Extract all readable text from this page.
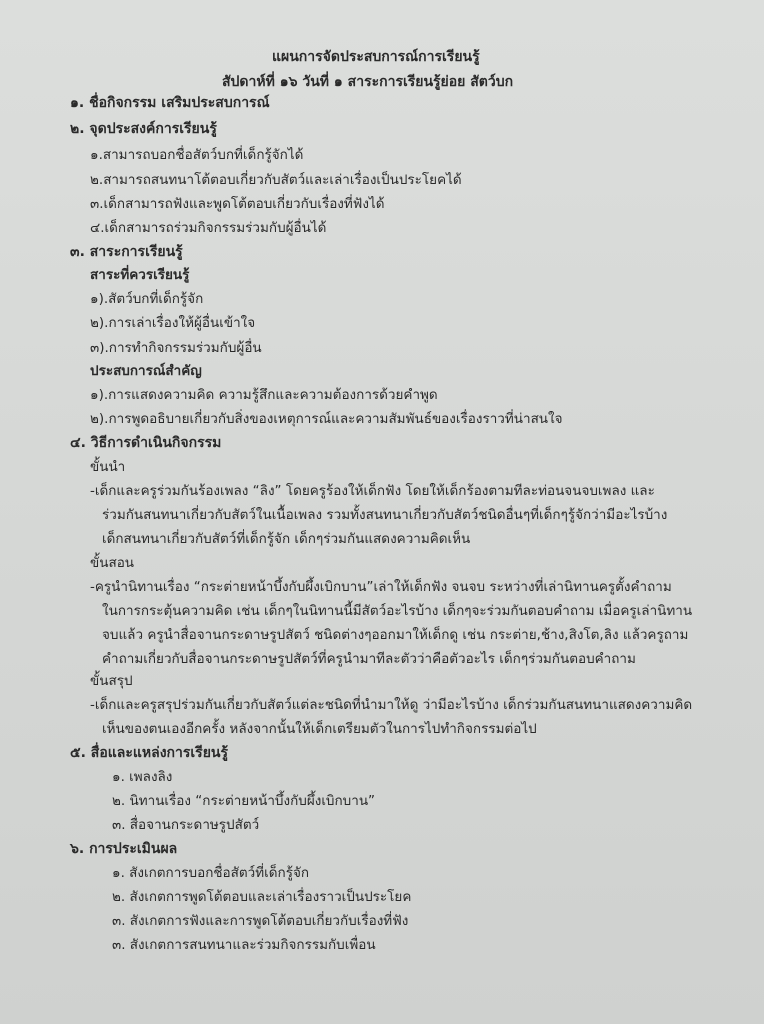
แผนการจัดประสบการณ์การเรียนรู้
สัปดาห์ที่ ๑๖ วันที่ ๑ สาระการเรียนรู้ย่อย สัตว์บก
๑. ชื่อกิจกรรม เสริมประสบการณ์
๒. จุดประสงค์การเรียนรู้
๑.สามารถบอกชื่อสัตว์บกที่เด็กรู้จักได้
๒.สามารถสนทนาโต้ตอบเกี่ยวกับสัตว์และเล่าเรื่องเป็นประโยคได้
๓.เด็กสามารถฟังและพูดโต้ตอบเกี่ยวกับเรื่องที่ฟังได้
๔.เด็กสามารถร่วมกิจกรรมร่วมกับผู้อื่นได้
๓. สาระการเรียนรู้
สาระที่ควรเรียนรู้
๑).สัตว์บกที่เด็กรู้จัก
๒).การเล่าเรื่องให้ผู้อื่นเข้าใจ
๓).การทำกิจกรรมร่วมกับผู้อื่น
ประสบการณ์สำคัญ
๑).การแสดงความคิด ความรู้สึกและความต้องการด้วยคำพูด
๒).การพูดอธิบายเกี่ยวกับสิ่งของเหตุการณ์และความสัมพันธ์ของเรื่องราวที่น่าสนใจ
๔. วิธีการดำเนินกิจกรรม
ขั้นนำ
-เด็กและครูร่วมกันร้องเพลง “ลิง” โดยครูร้องให้เด็กฟัง โดยให้เด็กร้องตามทีละท่อนจนจบเพลง และ
ร่วมกันสนทนาเกี่ยวกับสัตว์ในเนื้อเพลง รวมทั้งสนทนาเกี่ยวกับสัตว์ชนิดอื่นๆที่เด็กๆรู้จักว่ามีอะไรบ้าง
เด็กสนทนาเกี่ยวกับสัตว์ที่เด็กรู้จัก เด็กๆร่วมกันแสดงความคิดเห็น
ขั้นสอน
-ครูนำนิทานเรื่อง “กระต่ายหน้าบึ้งกับผึ้งเบิกบาน”เล่าให้เด็กฟัง จนจบ ระหว่างที่เล่านิทานครูตั้งคำถาม
ในการกระตุ้นความคิด เช่น เด็กๆในนิทานนี้มีสัตว์อะไรบ้าง เด็กๆจะร่วมกันตอบคำถาม เมื่อครูเล่านิทาน
จบแล้ว ครูนำสื่อจานกระดาษรูปสัตว์ ชนิดต่างๆออกมาให้เด็กดู เช่น กระต่าย,ช้าง,สิงโต,ลิง แล้วครูถาม
คำถามเกี่ยวกับสื่อจานกระดาษรูปสัตว์ที่ครูนำมาทีละตัวว่าคือตัวอะไร เด็กๆร่วมกันตอบคำถาม
ขั้นสรุป
-เด็กและครูสรุปร่วมกันเกี่ยวกับสัตว์แต่ละชนิดที่นำมาให้ดู ว่ามีอะไรบ้าง เด็กร่วมกันสนทนาแสดงความคิด
เห็นของตนเองอีกครั้ง หลังจากนั้นให้เด็กเตรียมตัวในการไปทำกิจกรรมต่อไป
๕. สื่อและแหล่งการเรียนรู้
๑. เพลงลิง
๒. นิทานเรื่อง “กระต่ายหน้าบึ้งกับผึ้งเบิกบาน”
๓. สื่อจานกระดาษรูปสัตว์
๖. การประเมินผล
๑. สังเกตการบอกชื่อสัตว์ที่เด็กรู้จัก
๒. สังเกตการพูดโต้ตอบและเล่าเรื่องราวเป็นประโยค
๓. สังเกตการฟังและการพูดโต้ตอบเกี่ยวกับเรื่องที่ฟัง
๓. สังเกตการสนทนาและร่วมกิจกรรมกับเพื่อน
